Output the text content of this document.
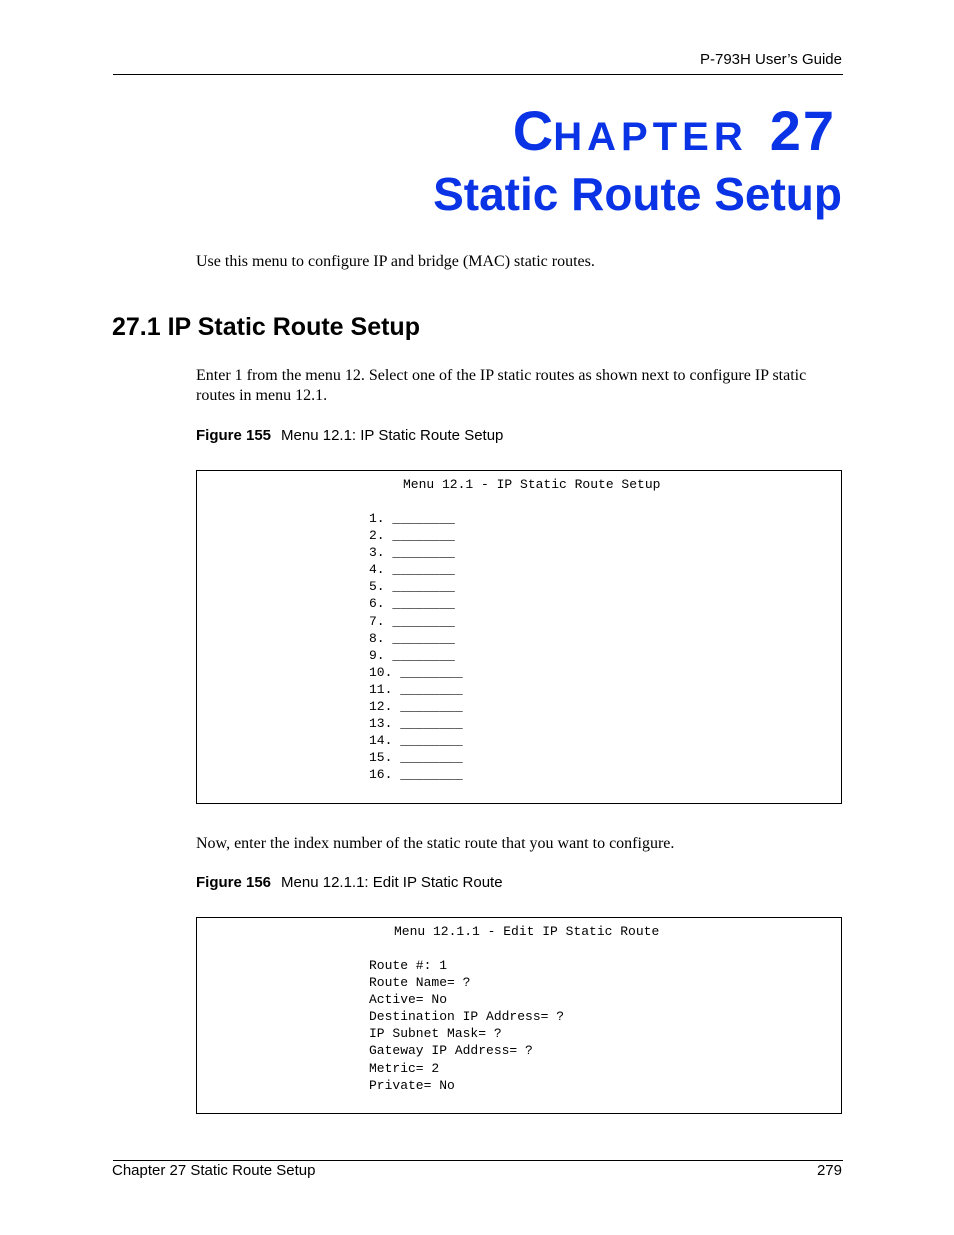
P-793H User’s Guide
CHAPTER 27
Static Route Setup
Use this menu to configure IP and bridge (MAC) static routes.
27.1 IP Static Route Setup
Enter 1 from the menu 12. Select one of the IP static routes as shown next to configure IP static routes in menu 12.1.
Figure 155 Menu 12.1: IP Static Route Setup
Menu 12.1 - IP Static Route Setup
1. ________
2. ________
3. ________
4. ________
5. ________
6. ________
7. ________
8. ________
9. ________
10. ________
11. ________
12. ________
13. ________
14. ________
15. ________
16. ________
Now, enter the index number of the static route that you want to configure.
Figure 156 Menu 12.1.1: Edit IP Static Route
Menu 12.1.1 - Edit IP Static Route
Route #: 1
Route Name= ?
Active= No
Destination IP Address= ?
IP Subnet Mask= ?
Gateway IP Address= ?
Metric= 2
Private= No
Chapter 27 Static Route Setup	279
